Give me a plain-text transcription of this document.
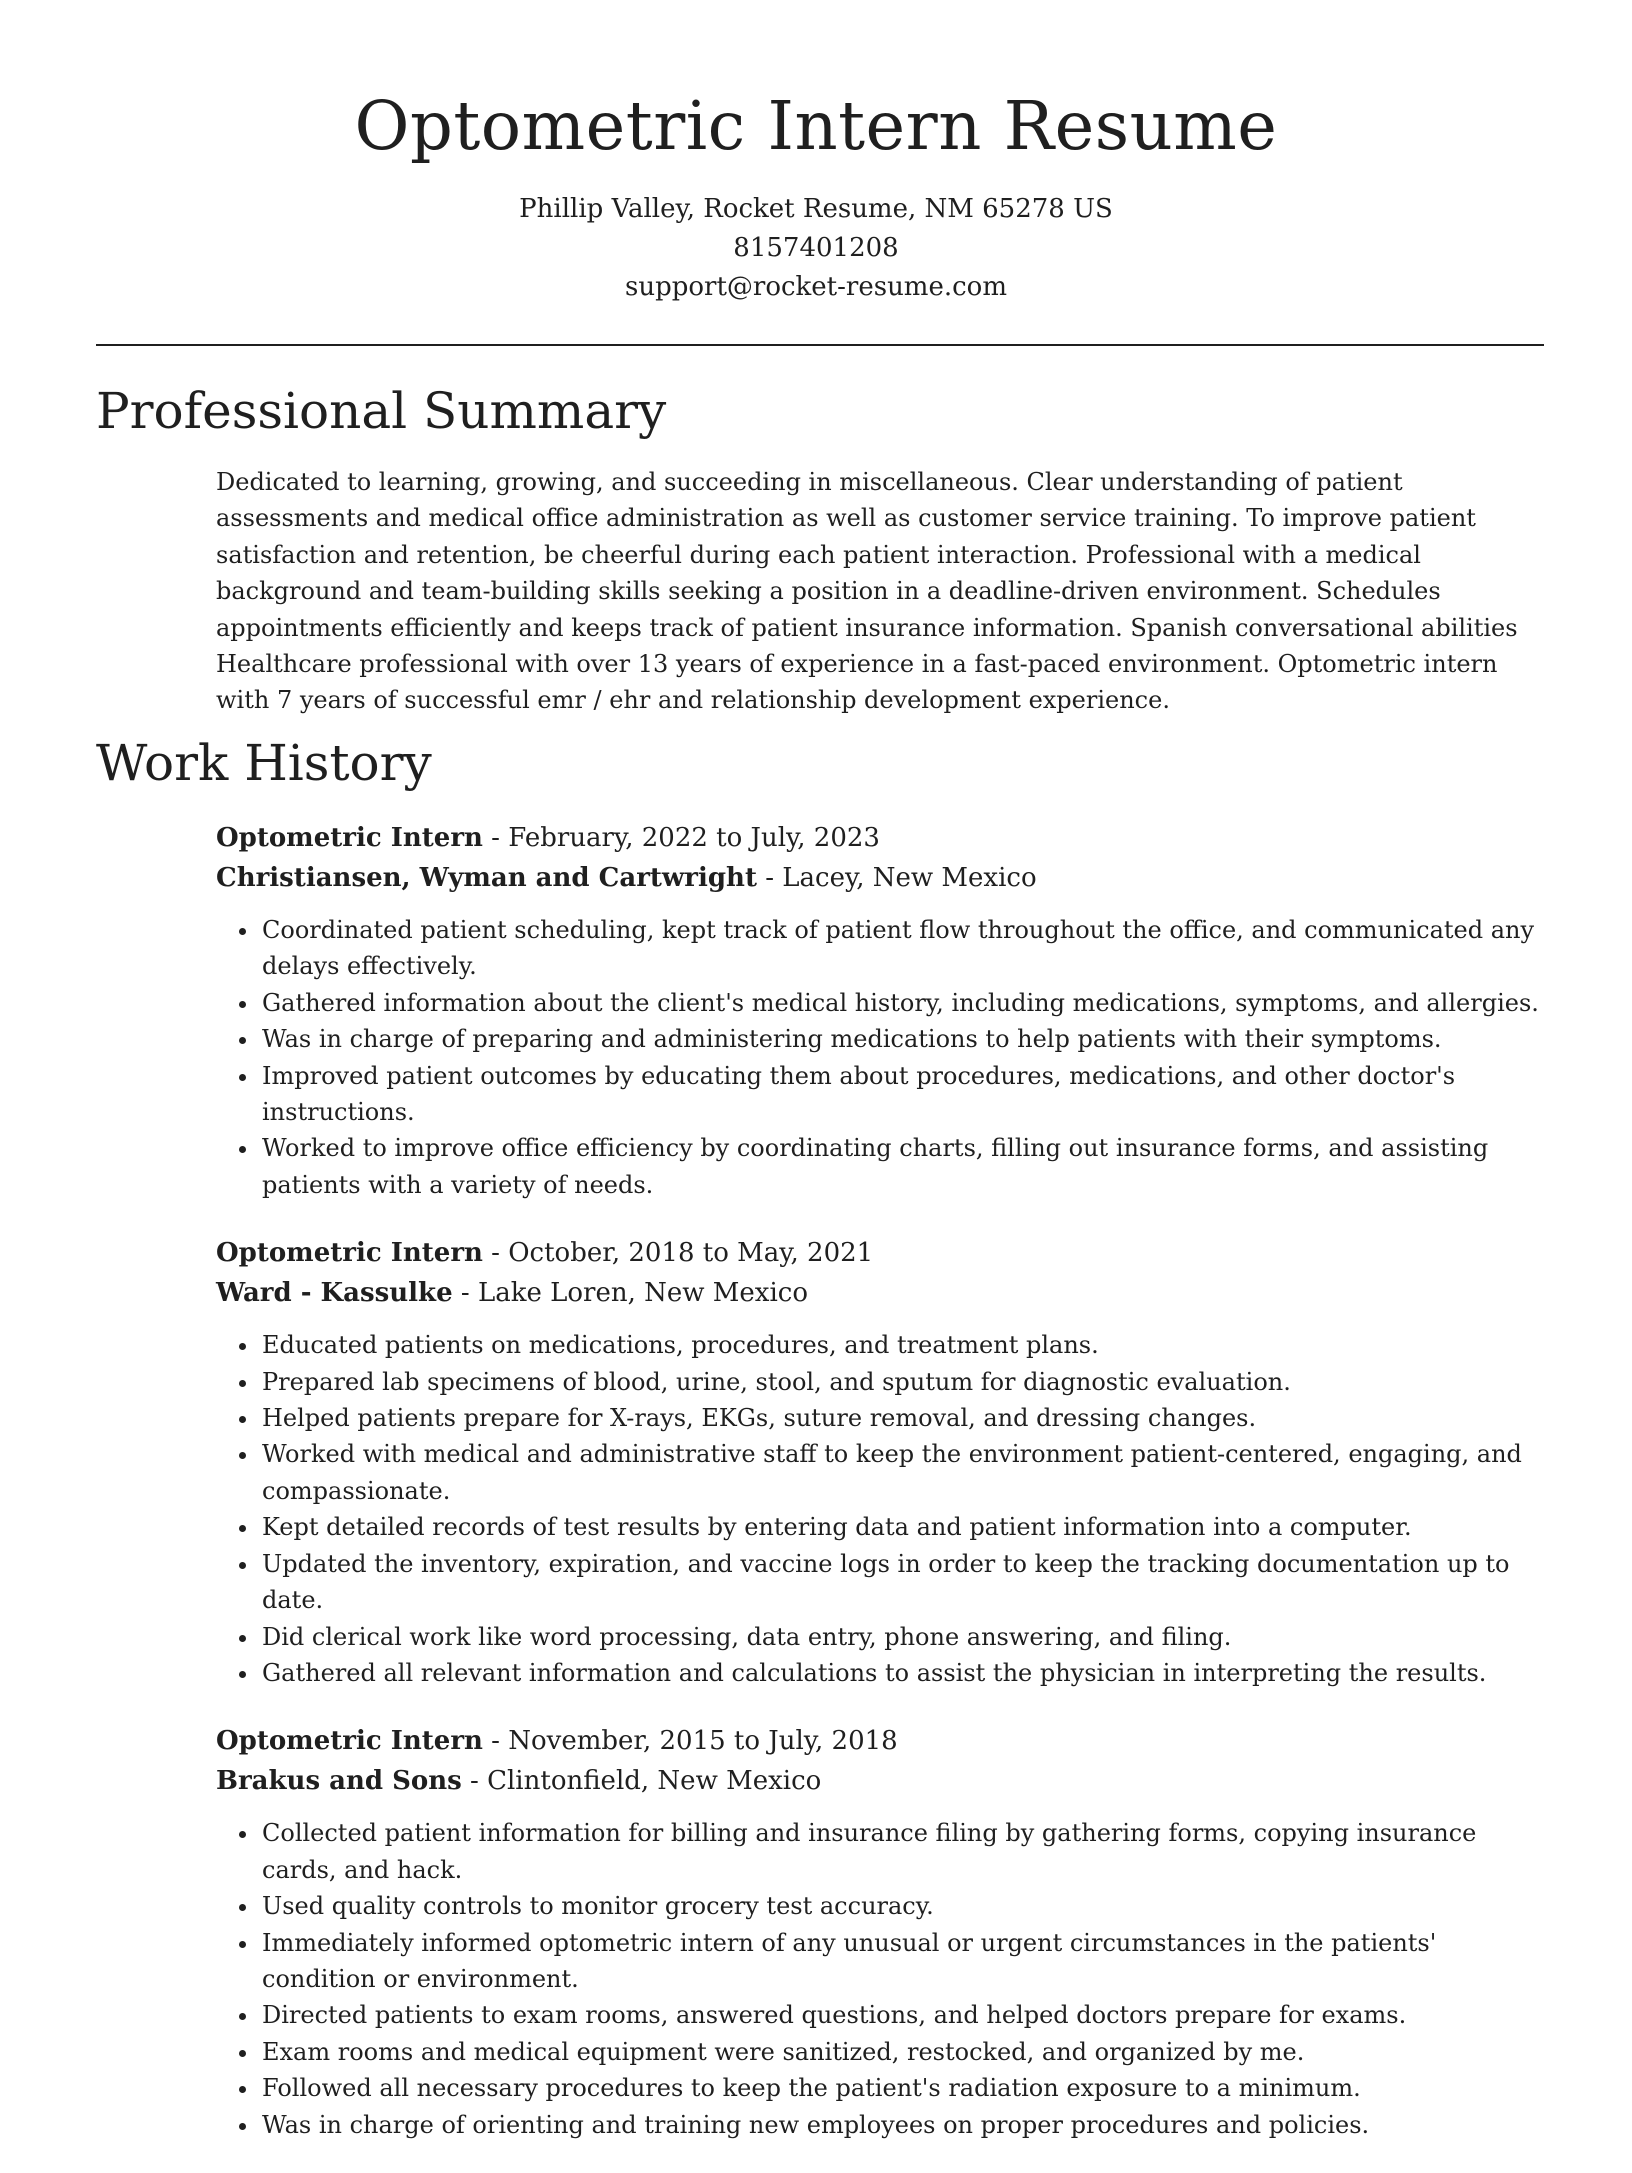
Optometric Intern Resume
Phillip Valley, Rocket Resume, NM 65278 US
8157401208
support@rocket-resume.com
Professional Summary
Dedicated to learning, growing, and succeeding in miscellaneous. Clear understanding of patient assessments and medical office administration as well as customer service training. To improve patient satisfaction and retention, be cheerful during each patient interaction. Professional with a medical background and team-building skills seeking a position in a deadline-driven environment. Schedules appointments efficiently and keeps track of patient insurance information. Spanish conversational abilities Healthcare professional with over 13 years of experience in a fast-paced environment. Optometric intern with 7 years of successful emr / ehr and relationship development experience.
Work History
Optometric Intern - February, 2022 to July, 2023
Christiansen, Wyman and Cartwright - Lacey, New Mexico
• Coordinated patient scheduling, kept track of patient flow throughout the office, and communicated any delays effectively.
• Gathered information about the client's medical history, including medications, symptoms, and allergies.
• Was in charge of preparing and administering medications to help patients with their symptoms.
• Improved patient outcomes by educating them about procedures, medications, and other doctor's instructions.
• Worked to improve office efficiency by coordinating charts, filling out insurance forms, and assisting patients with a variety of needs.
Optometric Intern - October, 2018 to May, 2021
Ward - Kassulke - Lake Loren, New Mexico
• Educated patients on medications, procedures, and treatment plans.
• Prepared lab specimens of blood, urine, stool, and sputum for diagnostic evaluation.
• Helped patients prepare for X-rays, EKGs, suture removal, and dressing changes.
• Worked with medical and administrative staff to keep the environment patient-centered, engaging, and compassionate.
• Kept detailed records of test results by entering data and patient information into a computer.
• Updated the inventory, expiration, and vaccine logs in order to keep the tracking documentation up to date.
• Did clerical work like word processing, data entry, phone answering, and filing.
• Gathered all relevant information and calculations to assist the physician in interpreting the results.
Optometric Intern - November, 2015 to July, 2018
Brakus and Sons - Clintonfield, New Mexico
• Collected patient information for billing and insurance filing by gathering forms, copying insurance cards, and hack.
• Used quality controls to monitor grocery test accuracy.
• Immediately informed optometric intern of any unusual or urgent circumstances in the patients' condition or environment.
• Directed patients to exam rooms, answered questions, and helped doctors prepare for exams.
• Exam rooms and medical equipment were sanitized, restocked, and organized by me.
• Followed all necessary procedures to keep the patient's radiation exposure to a minimum.
• Was in charge of orienting and training new employees on proper procedures and policies.
